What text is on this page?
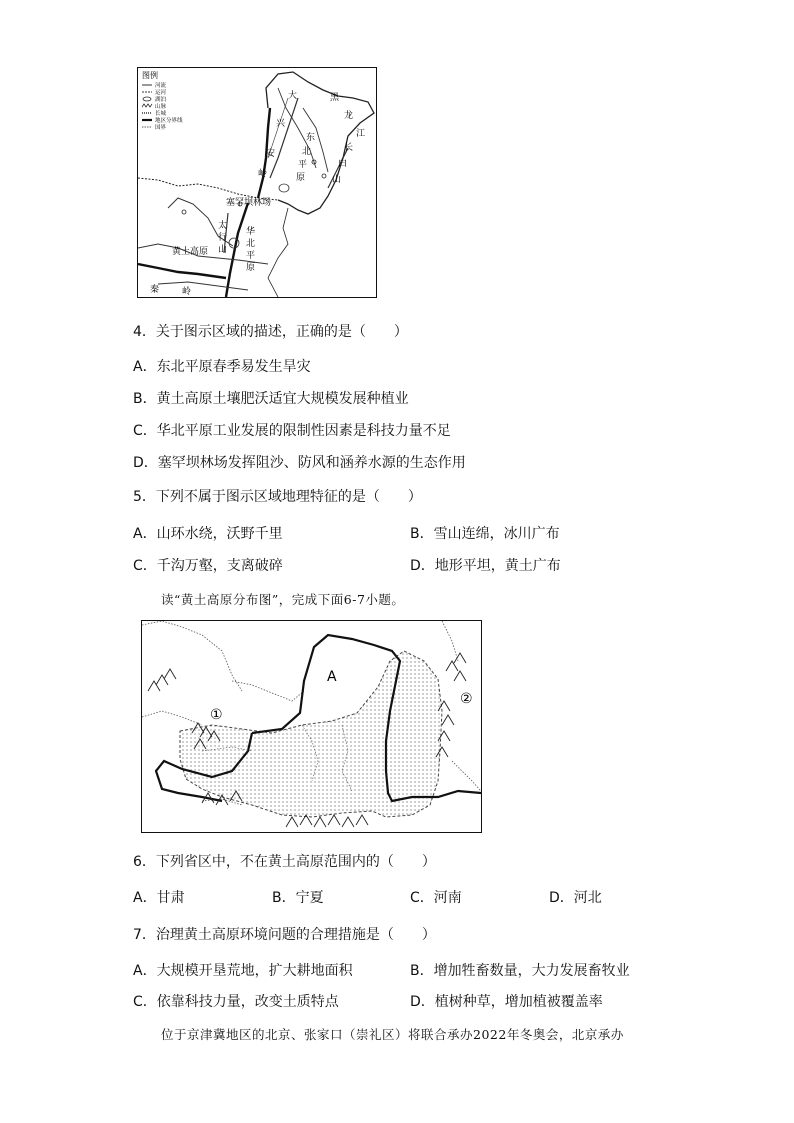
图例
河流
运河
湖泊
山脉
长城
地区分界线
国界
黑
龙
江
大
兴
安
岭
东
北
平
原
长
白
山
塞罕坝林场
太
行
山
华
北
平
原
黄土高原
秦	岭
4．关于图示区域的描述，正确的是（　　）
A．东北平原春季易发生旱灾
B．黄土高原土壤肥沃适宜大规模发展种植业
C．华北平原工业发展的限制性因素是科技力量不足
D．塞罕坝林场发挥阻沙、防风和涵养水源的生态作用
5．下列不属于图示区域地理特征的是（　　）
A．山环水绕，沃野千里	B．雪山连绵，冰川广布
C．千沟万壑，支离破碎	D．地形平坦，黄土广布
读“黄土高原分布图”，完成下面6-7小题。
A
①
②
6．下列省区中，不在黄土高原范围内的（　　）
A．甘肃	B．宁夏	C．河南	D．河北
7．治理黄土高原环境问题的合理措施是（　　）
A．大规模开垦荒地，扩大耕地面积	B．增加牲畜数量，大力发展畜牧业
C．依靠科技力量，改变土质特点	D．植树种草，增加植被覆盖率
位于京津冀地区的北京、张家口（崇礼区）将联合承办2022年冬奥会，北京承办
